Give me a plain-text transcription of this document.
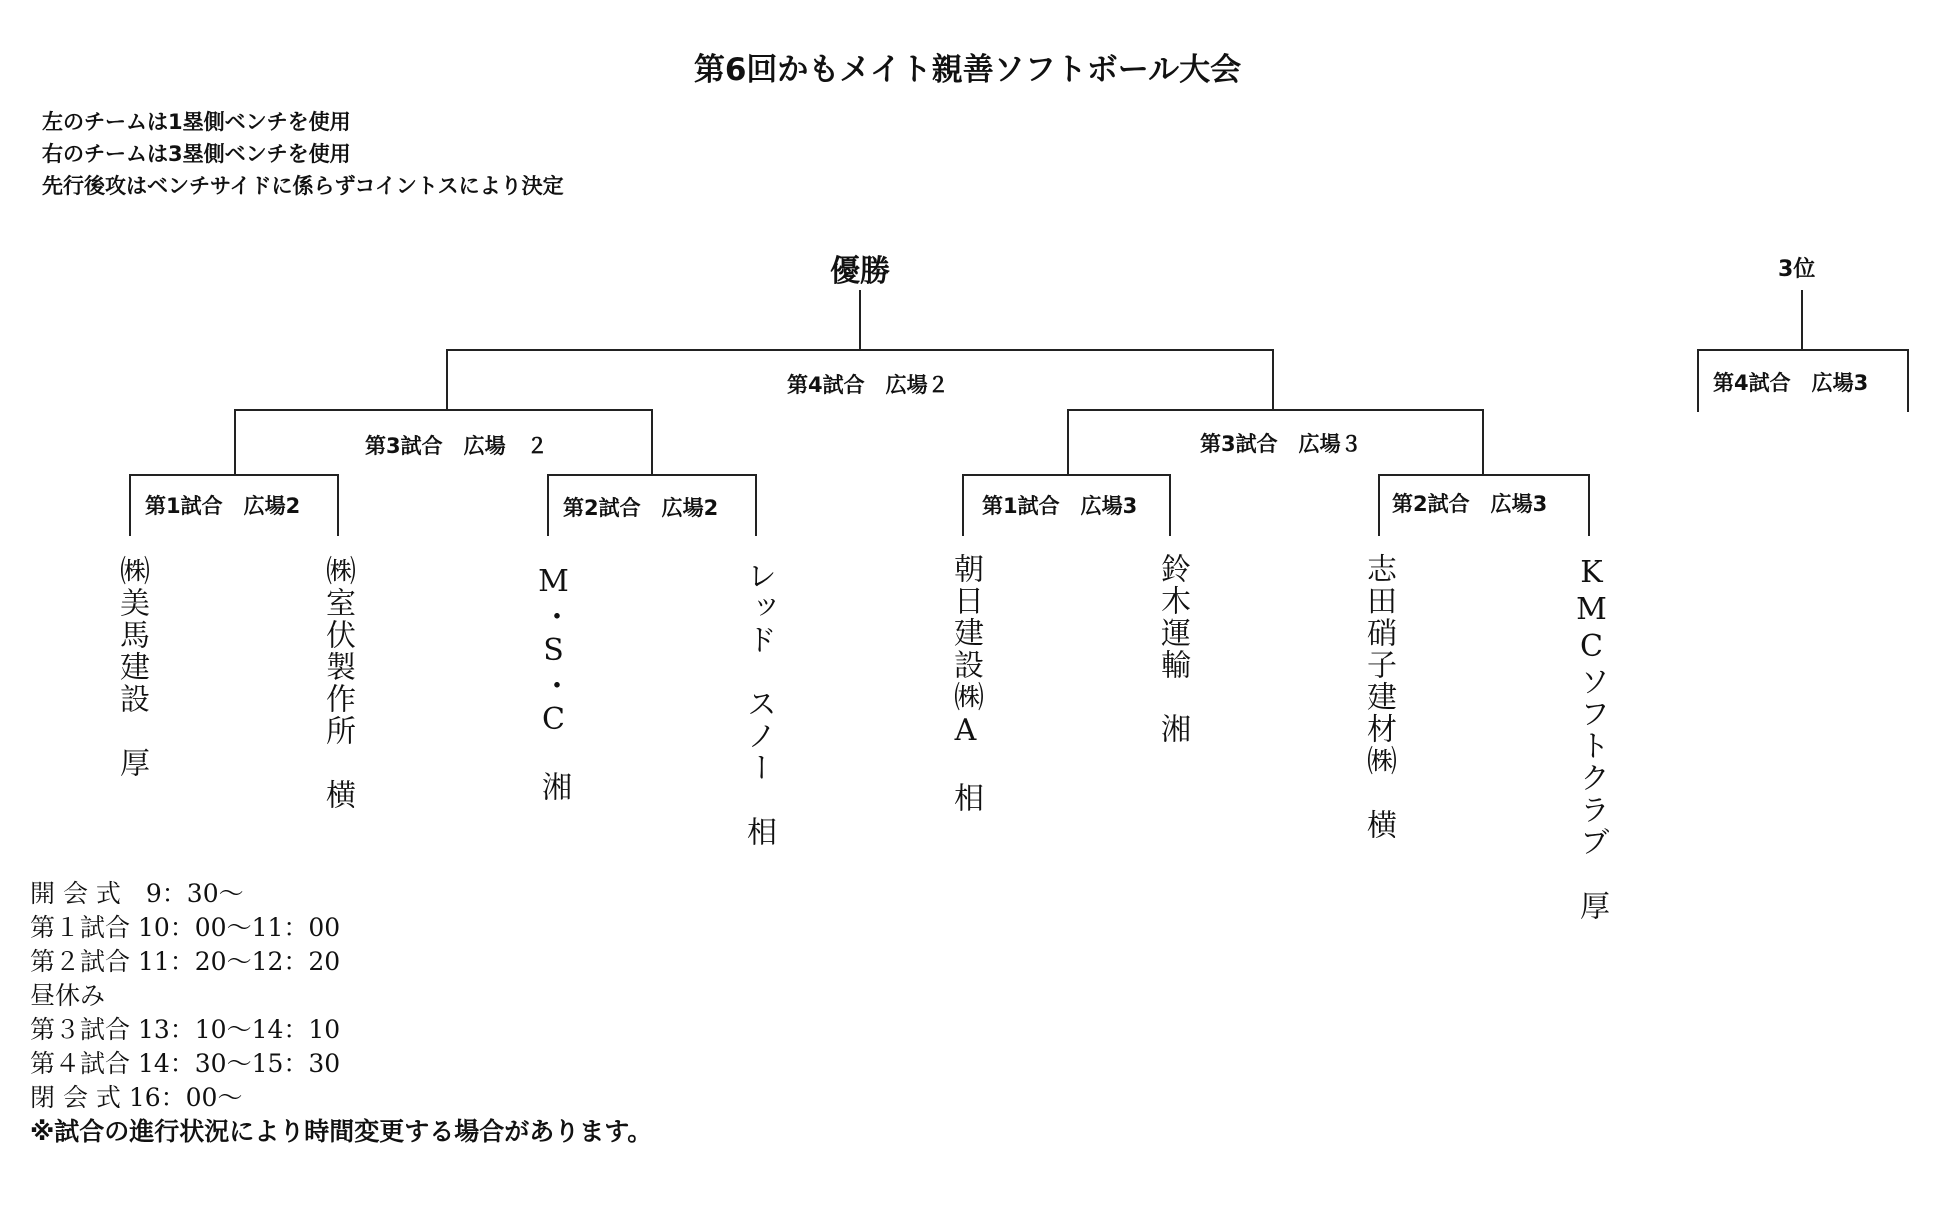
第6回かもメイト親善ソフトボール大会
左のチームは1塁側ベンチを使用
右のチームは3塁側ベンチを使用
先行後攻はベンチサイドに係らずコイントスにより決定
優勝	3位
第4試合　広場２	第4試合　広場3
第3試合　広場　２	第3試合　広場３
第1試合　広場2	第2試合　広場2	第1試合　広場3	第2試合　広場3
㈱美馬建設　厚	㈱室伏製作所　横	M・S・C　湘	レッド　スノー　相	朝日建設㈱A　相	鈴木運輸　湘	志田硝子建材㈱　横	KMCソフトクラブ　厚
開 会 式　9：30～
第１試合 10：00～11：00
第２試合 11：20～12：20
昼休み
第３試合 13：10～14：10
第４試合 14：30～15：30
閉 会 式 16：00～
※試合の進行状況により時間変更する場合があります。
